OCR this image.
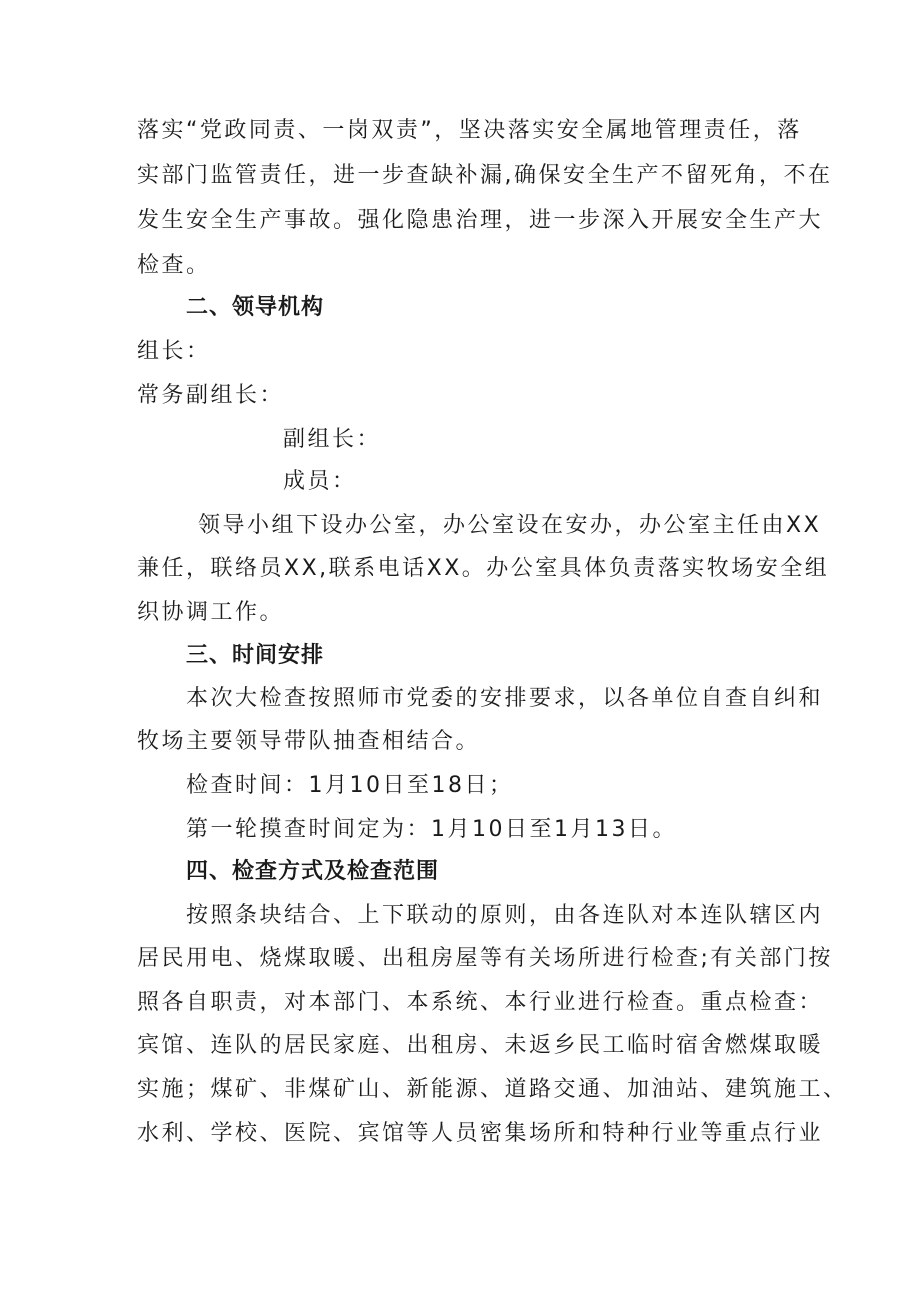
落实“党政同责、一岗双责”，坚决落实安全属地管理责任，落

实部门监管责任，进一步查缺补漏,确保安全生产不留死角，不在

发生安全生产事故。强化隐患治理，进一步深入开展安全生产大

检查。

二、领导机构

组长：

常务副组长：

副组长：

成员：

领导小组下设办公室，办公室设在安办，办公室主任由XX

兼任，联络员XX,联系电话XX。办公室具体负责落实牧场安全组

织协调工作。

三、时间安排

本次大检查按照师市党委的安排要求，以各单位自查自纠和

牧场主要领导带队抽查相结合。

检查时间：1月10日至18日；

第一轮摸查时间定为：1月10日至1月13日。

四、检查方式及检查范围

按照条块结合、上下联动的原则，由各连队对本连队辖区内

居民用电、烧煤取暖、出租房屋等有关场所进行检查;有关部门按

照各自职责，对本部门、本系统、本行业进行检查。重点检查：

宾馆、连队的居民家庭、出租房、未返乡民工临时宿舍燃煤取暖

实施；煤矿、非煤矿山、新能源、道路交通、加油站、建筑施工、

水利、学校、医院、宾馆等人员密集场所和特种行业等重点行业
